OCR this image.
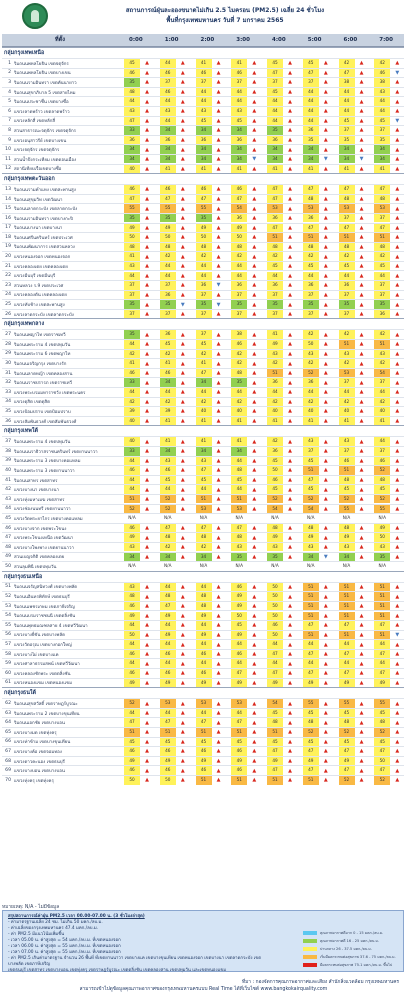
สถานการณ์ฝุ่นละอองขนาดไม่เกิน 2.5 ไมครอน (PM2.5) เฉลี่ย 24 ชั่วโมง
พื้นที่กรุงเทพมหานคร วันที่ 7 มกราคม 2565
ที่ตั้ง	0:00	1:00	2:00	3:00	4:00	5:00	6:00	7:00
กลุ่มกรุงเทพเหนือ
1 ริมถนนพหลโยธิน เขตจตุจักร	45	▲	44	▲	41	▲	41	▲	45	▲	45	▲	42	▲	42	▲
2 ริมถนนพหลโยธิน เขตบางเขน	46	▲	46	▲	46	▲	46	▲	47	▲	47	▲	47	▲	46	▼
3 ริมถนนรามอินทรา เขตคันนายาว	35	▲	37	▲	37	▲	37	▲	37	▲	37	▲	38	▲	38	▲
4 ริมถนนสุขาภิบาล 5 เขตสายไหม	48	▲	46	▲	44	▲	44	▲	45	▲	44	▲	44	▲	43	▲
5 ริมถนนประชาชื่น เขตบางซื่อ	44	▲	44	▲	44	▲	44	▲	44	▲	44	▲	44	▲	44	▲
6 แขวงลาดพร้าว เขตลาดพร้าว	43	▲	43	▲	43	▲	43	▲	44	▲	44	▲	44	▲	44	▲
7 แขวงหลักสี่ เขตหลักสี่	47	▲	44	▲	45	▲	45	▲	44	▲	44	▲	45	▲	45	▼
8 สวนสาธารณะจตุจักร เขตจตุจักร	33	▲	34	▲	34	▲	34	▲	35	▲	36	▲	37	▲	37	▲
9 แขวงอนุสาวรีย์ เขตบางเขน	36	▲	36	▲	36	▲	36	▲	36	▲	35	▲	35	▲	35	▲
10 แขวงจตุจักร เขตจตุจักร	34	▲	34	▲	34	▲	34	▲	34	▲	34	▲	34	▲	34	▲
11 สวนน้ำบึงกระเทียม เขตดอนเมือง	34	▲	34	▲	34	▲	34	▼	34	▲	34	▼	34	▼	34	▲
12 สถานีเทียบเรือเขตบางซื่อ	40	▲	41	▲	41	▲	41	▲	41	▲	41	▲	41	▲	41	▲
กลุ่มกรุงเทพตะวันออก
13 ริมถนนรามคำแหง เขตสะพานสูง	46	▲	46	▲	46	▲	46	▲	47	▲	47	▲	47	▲	47	▲
14 ริมถนนสุขุมวิท เขตวัฒนา	47	▲	47	▲	47	▲	47	▲	47	▲	48	▲	48	▲	48	▲
15 ริมถนนลาดกระบัง เขตลาดกระบัง	55	▲	55	▲	55	▲	54	▲	53	▲	53	▲	53	▲	53	▲
16 ริมถนนรามอินทรา เขตบางกะปิ	35	▲	35	▲	35	▲	36	▲	36	▲	36	▲	37	▲	37	▲
17 ริมถนนบางนา เขตบางนา	49	▲	49	▲	49	▲	49	▲	47	▲	47	▲	47	▲	47	▲
18 ริมถนนศรีนครินทร์ เขตประเวศ	50	▲	50	▲	50	▲	50	▲	51	▲	51	▲	51	▲	51	▲
19 ริมถนนพัฒนาการ เขตสวนหลวง	48	▲	48	▲	48	▲	48	▲	48	▲	48	▲	48	▲	48	▲
20 แขวงหนองจอก เขตหนองจอก	41	▲	42	▲	42	▲	42	▲	42	▲	42	▲	42	▲	42	▲
21 แขวงคลองเตย เขตคลองเตย	43	▲	44	▲	44	▲	44	▲	45	▲	45	▲	45	▲	45	▲
22 แขวงมีนบุรี เขตมีนบุรี	44	▲	44	▲	44	▲	44	▲	44	▲	44	▲	44	▲	44	▲
23 สวนหลวง ร.9 เขตประเวศ	37	▲	37	▲	36	▼	36	▲	36	▲	36	▲	36	▲	37	▲
24 แขวงคลองตัน เขตคลองเตย	37	▲	36	▲	37	▲	37	▲	37	▲	37	▲	37	▲	37	▲
25 แขวงทับช้าง เขตสะพานสูง	35	▲	35	▼	35	▼	35	▲	35	▲	35	▲	35	▲	35	▲
26 แขวงลาดกระบัง เขตลาดกระบัง	37	▲	37	▲	37	▲	37	▲	37	▲	37	▲	37	▲	36	▲
กลุ่มกรุงเทพกลาง
27 ริมถนนพญาไท เขตราชเทวี	35	▲	36	▲	37	▲	38	▲	41	▲	42	▲	42	▲	42	▲
28 ริมถนนพระราม 4 เขตปทุมวัน	44	▲	45	▲	45	▲	46	▲	49	▲	50	▲	51	▲	51	▲
29 ริมถนนพระราม 6 เขตพญาไท	42	▲	42	▲	42	▲	42	▲	43	▲	43	▲	43	▲	43	▲
30 ริมถนนเจริญกรุง เขตบางรัก	41	▲	41	▲	41	▲	42	▲	42	▲	42	▲	42	▲	42	▲
31 ริมถนนลาดหญ้า เขตคลองสาน	46	▲	46	▲	47	▲	48	▲	51	▲	52	▲	53	▲	54	▲
32 ริมถนนราชปรารภ เขตราชเทวี	33	▲	34	▲	34	▲	35	▲	36	▲	36	▲	37	▲	37	▲
33 แขวงพระบรมมหาราชวัง เขตพระนคร	44	▲	44	▲	44	▲	44	▲	44	▲	44	▲	44	▲	44	▲
34 แขวงดุสิต เขตดุสิต	42	▲	42	▲	42	▲	42	▲	42	▲	42	▲	42	▲	42	▲
35 แขวงป้อมปราบ เขตป้อมปราบ	39	▲	39	▲	40	▲	40	▲	40	▲	40	▲	40	▲	40	▲
36 แขวงสัมพันธวงศ์ เขตสัมพันธวงศ์	40	▲	41	▲	41	▲	41	▲	41	▲	41	▲	41	▲	41	▲
กลุ่มกรุงเทพใต้
37 ริมถนนพระราม 4 เขตปทุมวัน	40	▲	41	▲	41	▲	41	▲	42	▲	43	▲	43	▲	44	▲
38 ริมถนนนราธิวาสราชนครินทร์ เขตยานนาวา	33	▲	34	▲	34	▲	34	▲	36	▲	37	▲	37	▲	37	▲
39 ริมถนนพระราม 3 เขตบางคอแหลม	44	▲	43	▲	43	▲	44	▲	45	▲	45	▲	46	▲	46	▲
40 ริมถนนพระราม 3 เขตยานนาวา	46	▲	46	▲	47	▲	48	▲	50	▲	51	▲	51	▲	52	▲
41 ริมถนนสาทร เขตสาทร	44	▲	45	▲	45	▲	45	▲	46	▲	47	▲	48	▲	48	▲
42 แขวงบางนา เขตบางนา	44	▲	44	▲	44	▲	44	▲	45	▲	45	▲	45	▲	45	▲
43 แขวงทุ่งมหาเมฆ เขตสาทร	51	▲	52	▲	51	▲	51	▲	52	▲	52	▲	52	▲	52	▲
44 แขวงช่องนนทรี เขตยานนาวา	52	▲	52	▲	53	▲	53	▲	54	▲	54	▲	55	▲	55	▲
45 แขวงวัดพระยาไกร เขตบางคอแหลม	N/A	N/A	N/A	N/A	N/A	N/A	N/A	N/A
46 แขวงบางจาก เขตพระโขนง	46	▲	47	▲	47	▲	47	▲	48	▲	48	▲	48	▲	49	▲
47 แขวงพระโขนงเหนือ เขตวัฒนา	49	▲	48	▲	48	▲	48	▲	49	▲	49	▲	49	▲	50	▲
48 แขวงบางโพงพาง เขตยานนาวา	43	▲	42	▲	42	▲	43	▲	43	▲	43	▲	43	▲	43	▲
49 สวนเบญจกิติ เขตคลองเตย	34	▲	34	▲	34	▲	35	▲	35	▲	34	▼	34	▲	35	▲
50 สวนลุมพินี เขตปทุมวัน	N/A	N/A	N/A	N/A	N/A	N/A	N/A	N/A
กลุ่มกรุงธนเหนือ
51 ริมถนนจรัญสนิทวงศ์ เขตบางพลัด	43	▲	44	▲	44	▲	46	▲	50	▲	51	▲	51	▲	51	▲
52 ริมถนนอินทรพิทักษ์ เขตธนบุรี	48	▲	48	▲	48	▲	49	▲	50	▲	51	▲	51	▲	51	▲
53 ริมถนนเพชรเกษม เขตภาษีเจริญ	46	▲	47	▲	48	▲	49	▲	50	▲	51	▲	51	▲	51	▲
54 ริมถนนบรมราชชนนี เขตตลิ่งชัน	49	▲	49	▲	49	▲	50	▲	50	▲	51	▲	51	▲	51	▲
55 ริมถนนพุทธมณฑลสาย 4 เขตทวีวัฒนา	44	▲	44	▲	44	▲	45	▲	46	▲	47	▲	47	▲	47	▲
56 แขวงบางยี่ขัน เขตบางพลัด	50	▲	49	▲	49	▲	49	▲	50	▲	51	▲	51	▲	51	▼
57 แขวงวัดอรุณ เขตบางกอกใหญ่	44	▲	44	▲	44	▲	44	▲	44	▲	44	▲	44	▲	44	▲
58 แขวงบางไผ่ เขตบางแค	46	▲	46	▲	46	▲	46	▲	47	▲	47	▲	47	▲	47	▲
59 แขวงศาลาธรรมสพน์ เขตทวีวัฒนา	44	▲	44	▲	44	▲	44	▲	44	▲	44	▲	44	▲	44	▲
60 แขวงคลองชักพระ เขตตลิ่งชัน	46	▲	46	▲	46	▲	47	▲	47	▲	47	▲	47	▲	47	▲
61 แขวงหนองแขม เขตหนองแขม	49	▲	49	▲	49	▲	49	▲	49	▲	49	▲	49	▲	49	▲
กลุ่มกรุงธนใต้
62 ริมถนนสุขสวัสดิ์ เขตราษฎร์บูรณะ	52	▲	53	▲	53	▲	53	▲	54	▲	55	▲	55	▲	55	▲
63 ริมถนนพระราม 2 เขตบางขุนเทียน	44	▲	44	▲	44	▲	44	▲	45	▲	45	▲	45	▲	45	▲
64 ริมถนนเอกชัย เขตบางบอน	47	▲	47	▲	47	▲	47	▲	48	▲	48	▲	48	▲	48	▲
65 แขวงบางมด เขตทุ่งครุ	51	▲	51	▲	51	▲	51	▲	51	▲	52	▲	52	▲	52	▲
66 แขวงท่าข้าม เขตบางขุนเทียน	45	▲	45	▲	45	▲	45	▲	45	▲	45	▲	45	▲	45	▲
67 แขวงบางค้อ เขตจอมทอง	46	▲	46	▲	46	▲	46	▲	47	▲	47	▲	47	▲	47	▲
68 แขวงดาวคะนอง เขตธนบุรี	49	▲	49	▲	49	▲	49	▲	49	▲	49	▲	49	▲	50	▲
69 แขวงบางบอน เขตบางบอน	46	▲	46	▲	46	▲	46	▲	47	▲	47	▲	47	▲	47	▲
70 แขวงทุ่งครุ เขตทุ่งครุ	50	▲	50	▲	51	▲	51	▲	51	▲	51	▲	52	▲	52	▲
หมายเหตุ: N/A - ไม่มีข้อมูล
สรุปสถานการณ์ค่าฝุ่น PM2.5 เวลา 00.00-07.00 น. (3 ชั่วโมงล่าสุด)
- ค่ามาตรฐานเฉลี่ย 24 ชม. ไม่เกิน 50 มคก./ลบ.ม.
- ค่าเฉลี่ยของกรุงเทพมหานคร 47.4 มคก./ลบ.ม.
- ค่า PM2.5 มีแนวโน้มเพิ่มขึ้น
- เวลา 05.00 น. ค่าสูงสุด = 54 มคก./ลบ.ม. ที่เขตหนองจอก
- เวลา 06.00 น. ค่าสูงสุด = 55 มคก./ลบ.ม. ที่เขตหนองจอก
- เวลา 07.00 น. ค่าสูงสุด = 55 มคก./ลบ.ม. ที่เขตหนองจอก
- ค่า PM2.5 เกินค่ามาตรฐาน จำนวน 26 พื้นที่ ที่เขตยานนาวา เขตบางแค เขตบางขุนเทียน เขตหนองจอก เขตบางนา เขตลาดกระบัง เขตบางพลัด เขตภาษีเจริญ
เขตธนบุรี เขตสาทร เขตบางบอน เขตทุ่งครุ เขตราษฎร์บูรณะ เขตตลิ่งชัน เขตคลองสาน เขตปทุมวัน และเขตหนองแขม
คุณภาพอากาศดีมาก 0 - 15 มคก./ลบ.ม.
คุณภาพอากาศดี 16 - 25 มคก./ลบ.ม.
ปานกลาง 26 - 37.5 มคก./ลบ.ม.
เริ่มมีผลกระทบต่อสุขภาพ 37.6 - 75 มคก./ลบ.ม.
มีผลกระทบต่อสุขภาพ 75.1 มคก./ลบ.ม. ขึ้นไป
ที่มา : กองจัดการคุณภาพอากาศและเสียง สำนักสิ่งแวดล้อม กรุงเทพมหานคร
สามารถเข้าไปดูข้อมูลคุณภาพอากาศของกรุงเทพมหานครแบบ Real Time ได้ที่เว็บไซต์ www.bangkokairquality.com
